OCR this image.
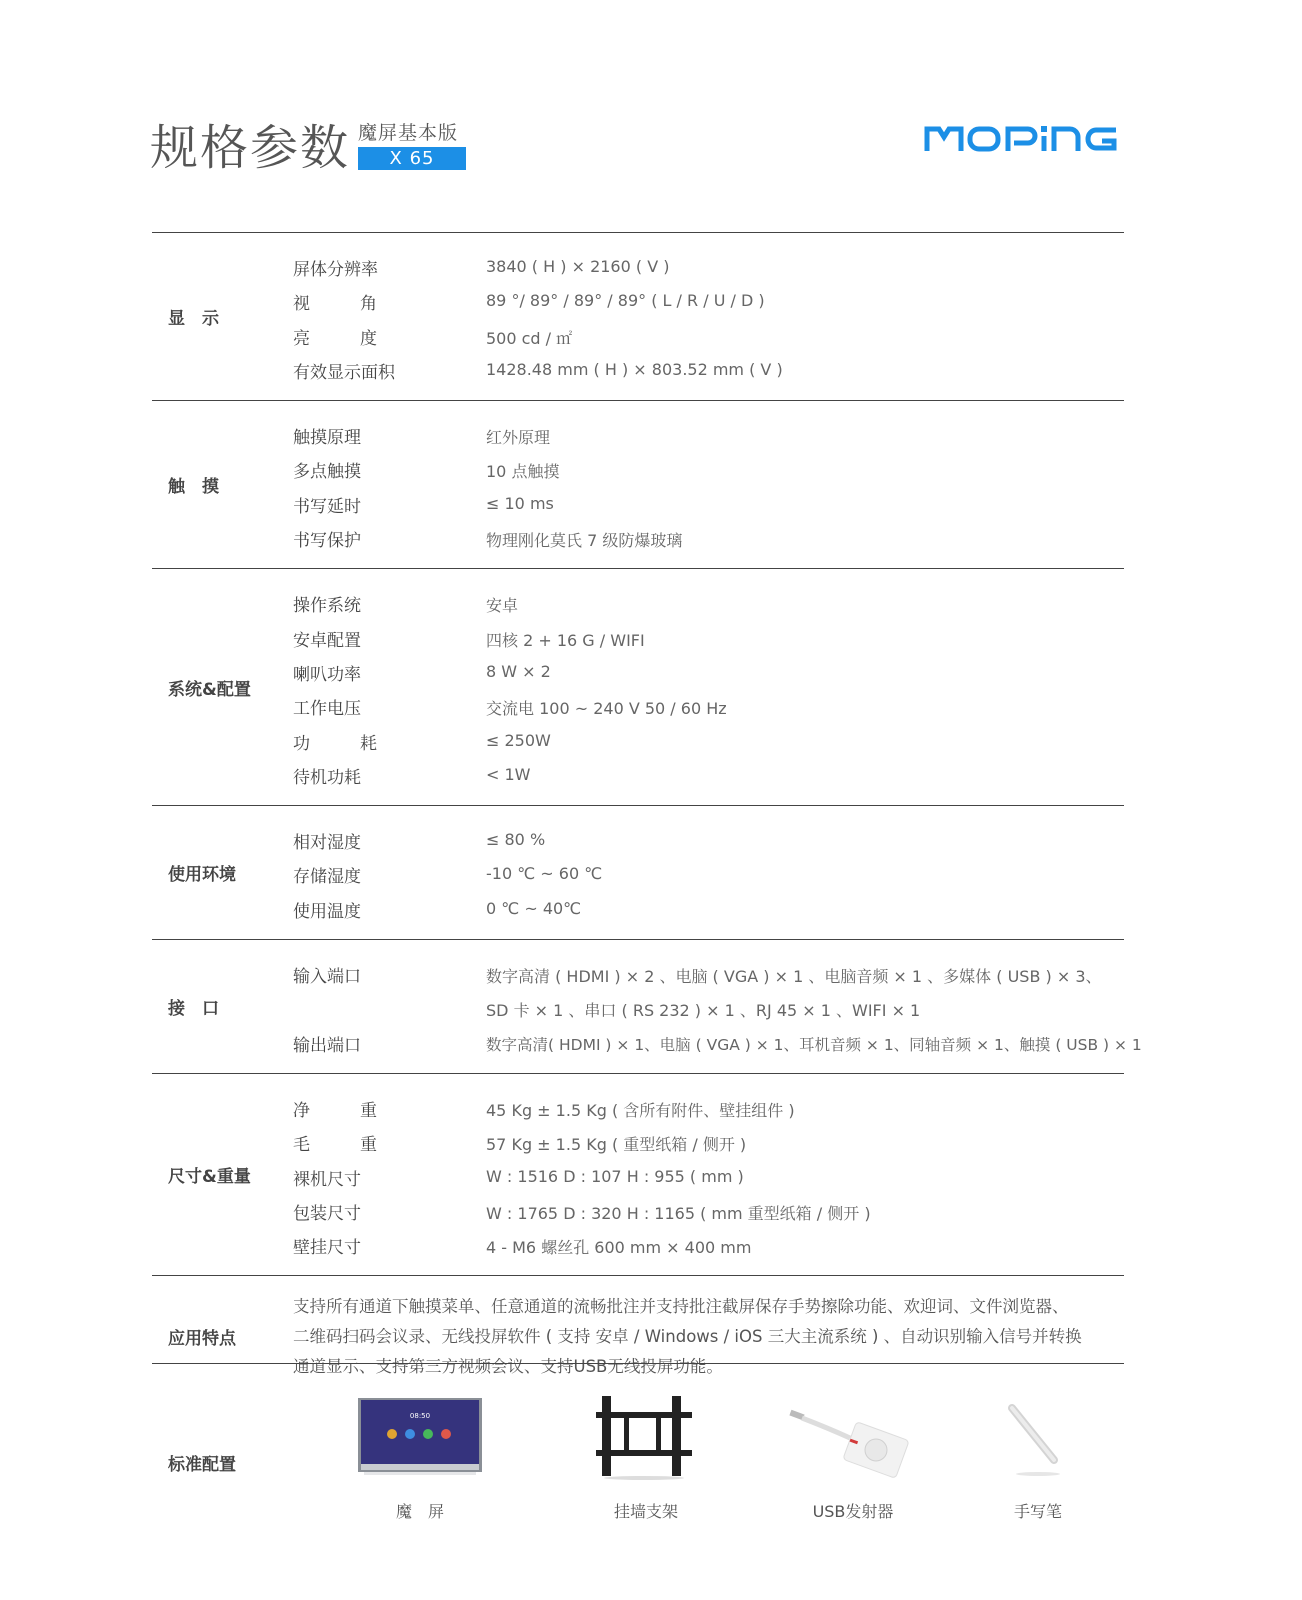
规格参数 魔屏基本版
X 65
显　示
屏体分辨率	3840 ( H ) × 2160 ( V )
视	角	89 °/ 89° / 89° / 89° ( L / R / U / D )
亮	度	500 cd / ㎡
有效显示面积	1428.48 mm ( H ) × 803.52 mm ( V )
触　摸
触摸原理	红外原理
多点触摸	10 点触摸
书写延时	≤ 10 ms
书写保护	物理刚化莫氏 7 级防爆玻璃
系统&配置
操作系统	安卓
安卓配置	四核 2 + 16 G / WIFI
喇叭功率	8 W × 2
工作电压	交流电 100 ~ 240 V 50 / 60 Hz
功	耗	≤ 250W
待机功耗	< 1W
使用环境
相对湿度	≤ 80 %
存储湿度	-10 ℃ ~ 60 ℃
使用温度	0 ℃ ~ 40℃
接　口
输入端口	数字高清 ( HDMI ) × 2 、电脑 ( VGA ) × 1 、电脑音频 × 1 、多媒体 ( USB ) × 3、
SD 卡 × 1 、串口 ( RS 232 ) × 1 、RJ 45 × 1 、WIFI × 1
输出端口	数字高清( HDMI ) × 1、电脑 ( VGA ) × 1、耳机音频 × 1、同轴音频 × 1、触摸 ( USB ) × 1
尺寸&重量
净	重	45 Kg ± 1.5 Kg ( 含所有附件、壁挂组件 )
毛	重	57 Kg ± 1.5 Kg ( 重型纸箱 / 侧开 )
裸机尺寸	W : 1516 D : 107 H : 955 ( mm )
包装尺寸	W : 1765 D : 320 H : 1165 ( mm 重型纸箱 / 侧开 )
壁挂尺寸	4 - M6 螺丝孔 600 mm × 400 mm
应用特点
支持所有通道下触摸菜单、任意通道的流畅批注并支持批注截屏保存手势擦除功能、欢迎词、文件浏览器、
二维码扫码会议录、无线投屏软件 ( 支持 安卓 / Windows / iOS 三大主流系统 ) 、自动识别输入信号并转换
通道显示、支持第三方视频会议、支持USB无线投屏功能。
标准配置
08:50
魔　屏	挂墙支架	USB发射器	手写笔
